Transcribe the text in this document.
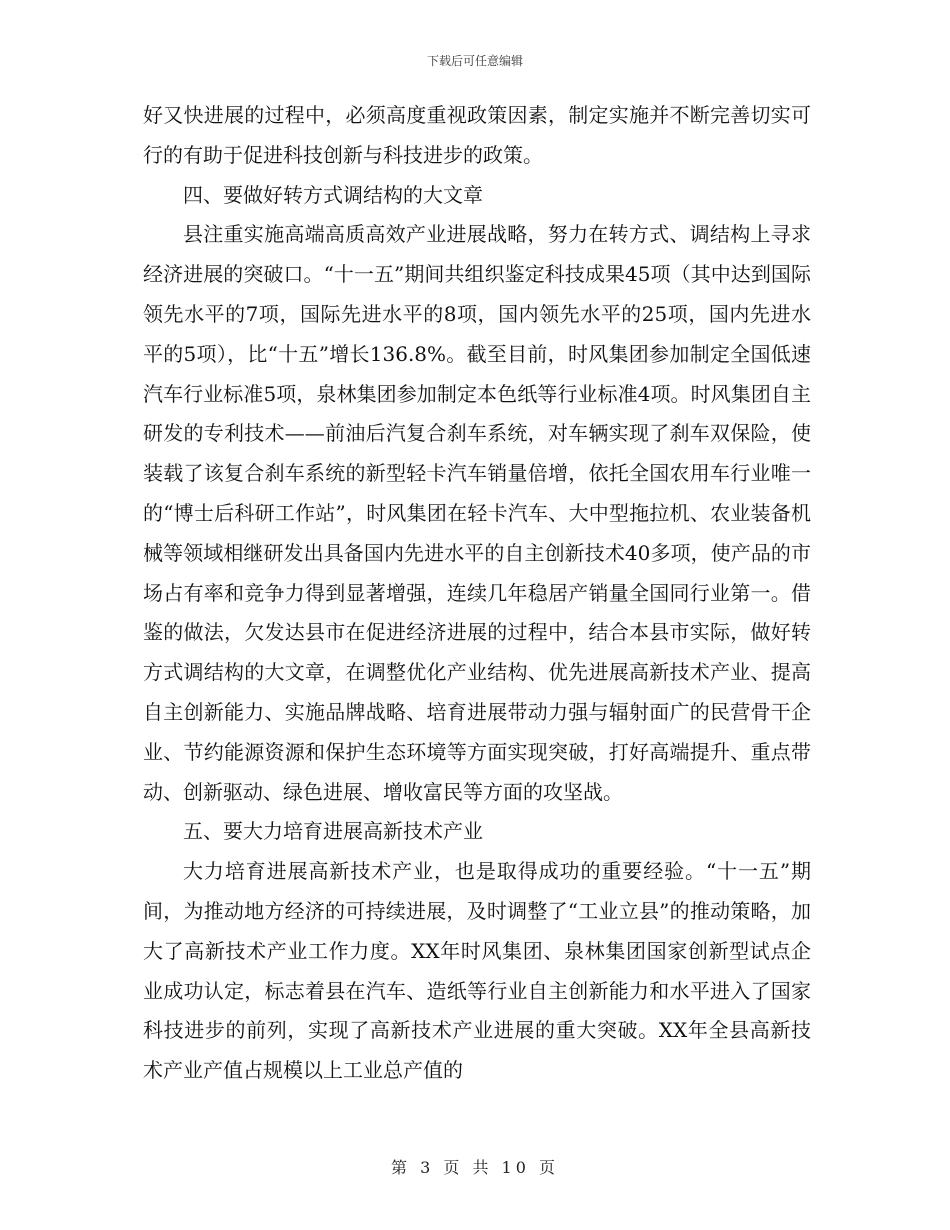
下载后可任意编辑

好又快进展的过程中，必须高度重视政策因素，制定实施并不断完善切实可行的有助于促进科技创新与科技进步的政策。

四、要做好转方式调结构的大文章

县注重实施高端高质高效产业进展战略，努力在转方式、调结构上寻求经济进展的突破口。“十一五”期间共组织鉴定科技成果45项（其中达到国际领先水平的7项，国际先进水平的8项，国内领先水平的25项，国内先进水平的5项），比“十五”增长136.8%。截至目前，时风集团参加制定全国低速汽车行业标准5项，泉林集团参加制定本色纸等行业标准4项。时风集团自主研发的专利技术——前油后汽复合刹车系统，对车辆实现了刹车双保险，使装载了该复合刹车系统的新型轻卡汽车销量倍增，依托全国农用车行业唯一的“博士后科研工作站”，时风集团在轻卡汽车、大中型拖拉机、农业装备机械等领域相继研发出具备国内先进水平的自主创新技术40多项，使产品的市场占有率和竞争力得到显著增强，连续几年稳居产销量全国同行业第一。借鉴的做法，欠发达县市在促进经济进展的过程中，结合本县市实际，做好转方式调结构的大文章，在调整优化产业结构、优先进展高新技术产业、提高自主创新能力、实施品牌战略、培育进展带动力强与辐射面广的民营骨干企业、节约能源资源和保护生态环境等方面实现突破，打好高端提升、重点带动、创新驱动、绿色进展、增收富民等方面的攻坚战。

五、要大力培育进展高新技术产业

大力培育进展高新技术产业，也是取得成功的重要经验。“十一五”期间，为推动地方经济的可持续进展，及时调整了“工业立县”的推动策略，加大了高新技术产业工作力度。XX年时风集团、泉林集团国家创新型试点企业成功认定，标志着县在汽车、造纸等行业自主创新能力和水平进入了国家科技进步的前列，实现了高新技术产业进展的重大突破。XX年全县高新技术产业产值占规模以上工业总产值的

第 3 页 共 10 页
